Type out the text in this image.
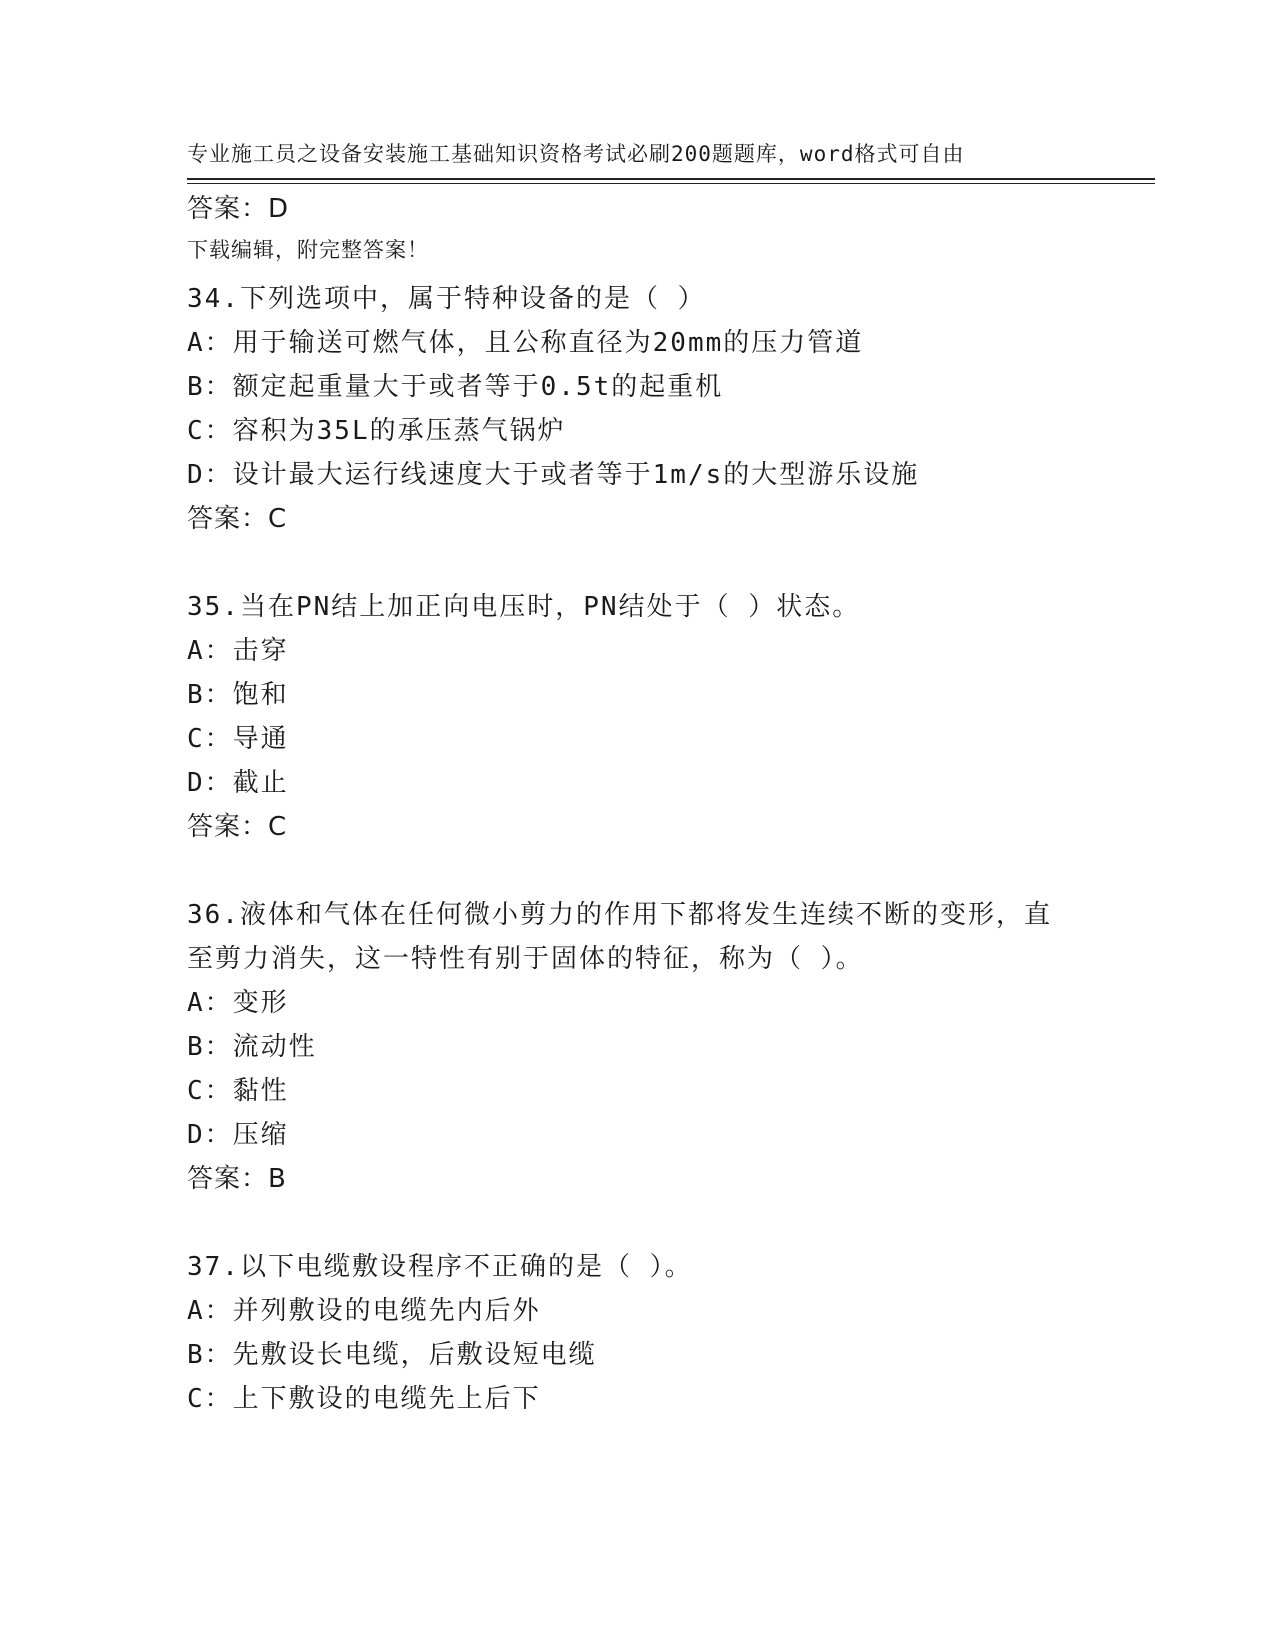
专业施工员之设备安装施工基础知识资格考试必刷200题题库，word格式可自由

下载编辑，附完整答案！

答案：D
34.下列选项中，属于特种设备的是（ ）
A：用于输送可燃气体，且公称直径为20mm的压力管道
B：额定起重量大于或者等于0.5t的起重机
C：容积为35L的承压蒸气锅炉
D：设计最大运行线速度大于或者等于1m/s的大型游乐设施
答案：C
35.当在PN结上加正向电压时，PN结处于（ ）状态。
A：击穿
B：饱和
C：导通
D：截止
答案：C
36.液体和气体在任何微小剪力的作用下都将发生连续不断的变形，直
至剪力消失，这一特性有别于固体的特征，称为（ ）。
A：变形
B：流动性
C：黏性
D：压缩
答案：B
37.以下电缆敷设程序不正确的是（ ）。
A：并列敷设的电缆先内后外
B：先敷设长电缆，后敷设短电缆
C：上下敷设的电缆先上后下
